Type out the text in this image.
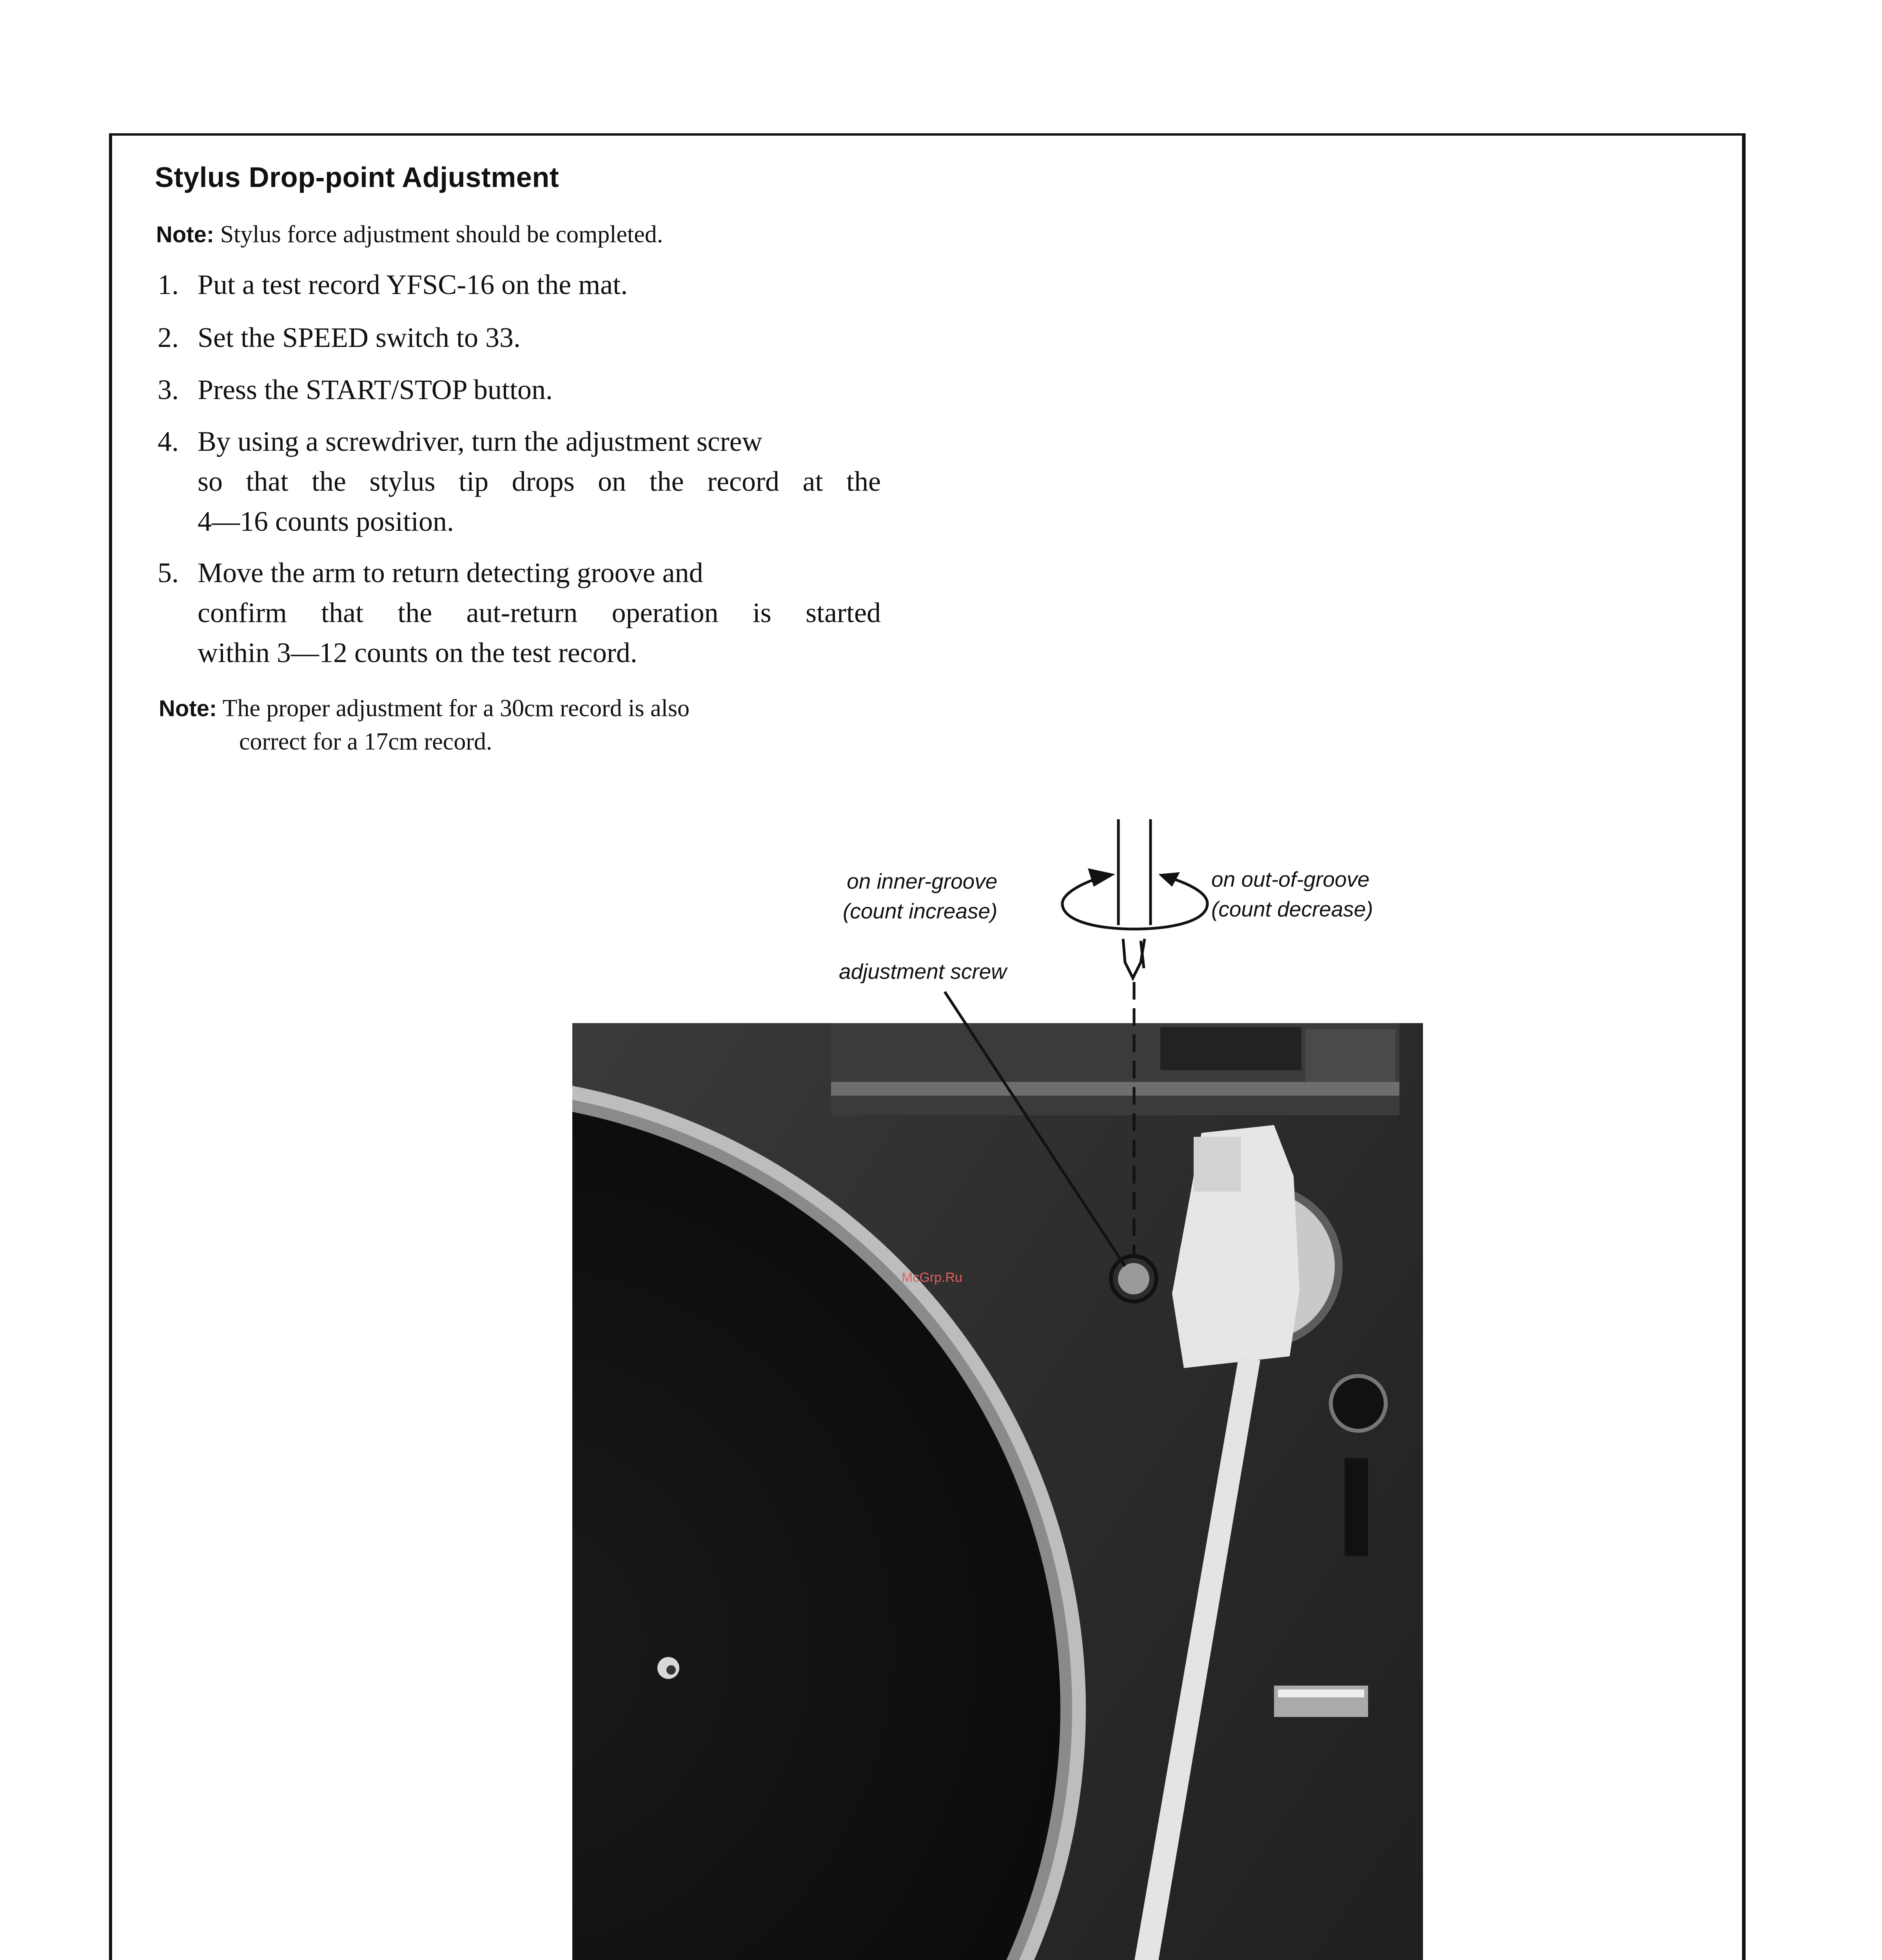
Stylus Drop-point Adjustment
Note: Stylus force adjustment should be completed.
1. Put a test record YFSC-16 on the mat.
2. Set the SPEED switch to 33.
3. Press the START/STOP button.
4. By using a screwdriver, turn the adjustment screw
so that the stylus tip drops on the record at the
4—16 counts position.
5. Move the arm to return detecting groove and
confirm that the aut-return operation is started
within 3—12 counts on the test record.
Note: The proper adjustment for a 30cm record is also
correct for a 17cm record.
on inner-groove
(count increase)
on out-of-groove
(count decrease)
adjustment screw
McGrp.Ru
